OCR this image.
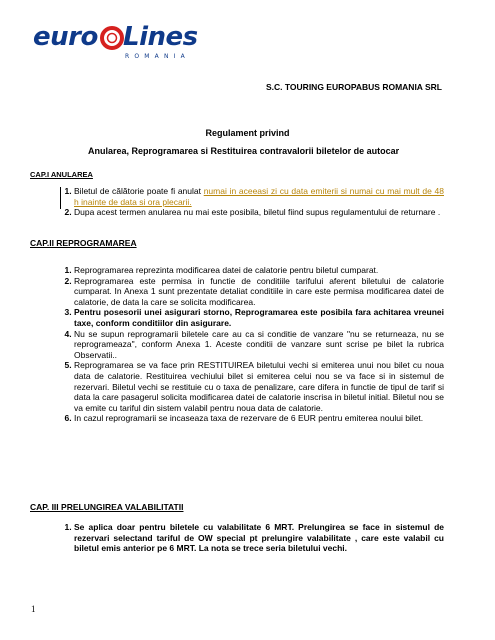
euro Lines
ROMANIA
S.C. TOURING EUROPABUS ROMANIA SRL
Regulament privind
Anularea, Reprogramarea si Restituirea contravalorii biletelor de autocar
CAP.I ANULAREA
1. Biletul de călătorie poate fi anulat numai in aceeasi zi cu data emiterii si numai cu mai mult de 48 h inainte de data si ora plecarii.
2. Dupa acest termen anularea nu mai este posibila, biletul fiind supus regulamentului de returnare .
CAP.II REPROGRAMAREA
1. Reprogramarea reprezinta modificarea datei de calatorie pentru biletul cumparat.
2. Reprogramarea este permisa in functie de conditiile tarifului aferent biletului de calatorie cumparat. In Anexa 1 sunt prezentate detaliat conditiile in care este permisa modificarea datei de calatorie, de data la care se solicita modificarea.
3. Pentru posesorii unei asigurari storno, Reprogramarea este posibila fara achitarea vreunei taxe, conform conditiilor din asigurare.
4. Nu se supun reprogramarii biletele care au ca si conditie de vanzare "nu se returneaza, nu se reprogrameaza", conform Anexa 1. Aceste conditii de vanzare sunt scrise pe bilet la rubrica Observatii..
5. Reprogramarea se va face prin RESTITUIREA biletului vechi si emiterea unui nou bilet cu noua data de calatorie. Restituirea vechiului bilet si emiterea celui nou se va face si in sistemul de rezervari. Biletul vechi se restituie cu o taxa de penalizare, care difera in functie de tipul de tarif si data la care pasagerul solicita modificarea datei de calatorie inscrisa in biletul initial. Biletul nou se va emite cu tariful din sistem valabil pentru noua data de calatorie.
6. In cazul reprogramarii se incaseaza taxa de rezervare de 6 EUR pentru emiterea noului bilet.
CAP. III PRELUNGIREA VALABILITATII
1. Se aplica doar pentru biletele cu valabilitate 6 MRT. Prelungirea se face in sistemul de rezervari selectand tariful de OW special pt prelungire valabilitate , care este valabil cu biletul emis anterior pe 6 MRT. La nota se trece seria biletului vechi.
1
